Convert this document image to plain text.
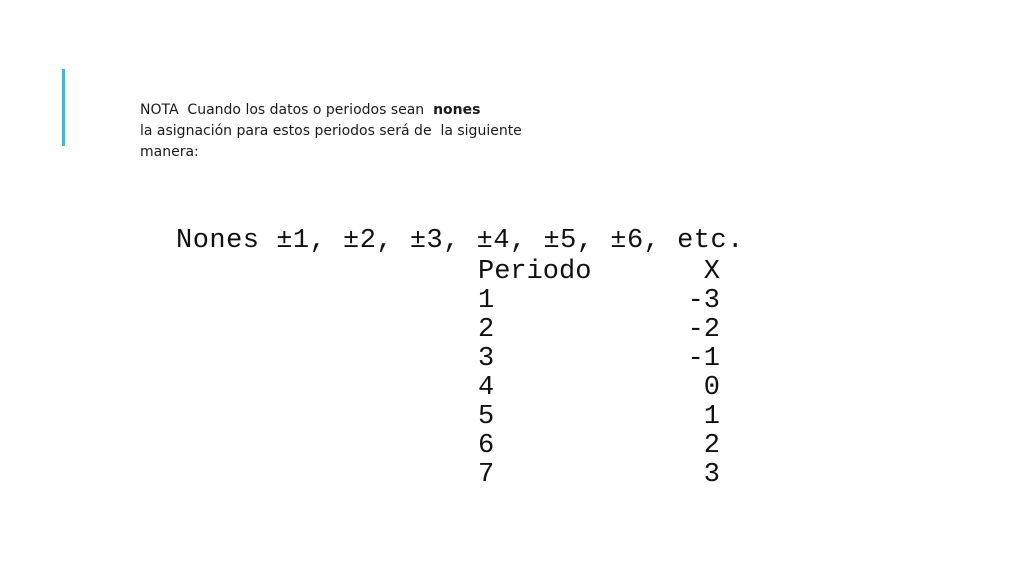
NOTA  Cuando los datos o periodos sean  nones
la asignación para estos periodos será de  la siguiente
manera:
Nones ±1, ±2, ±3, ±4, ±5, ±6, etc.
Periodo	X
1	-3
2	-2
3	-1
4	0
5	1
6	2
7	3
